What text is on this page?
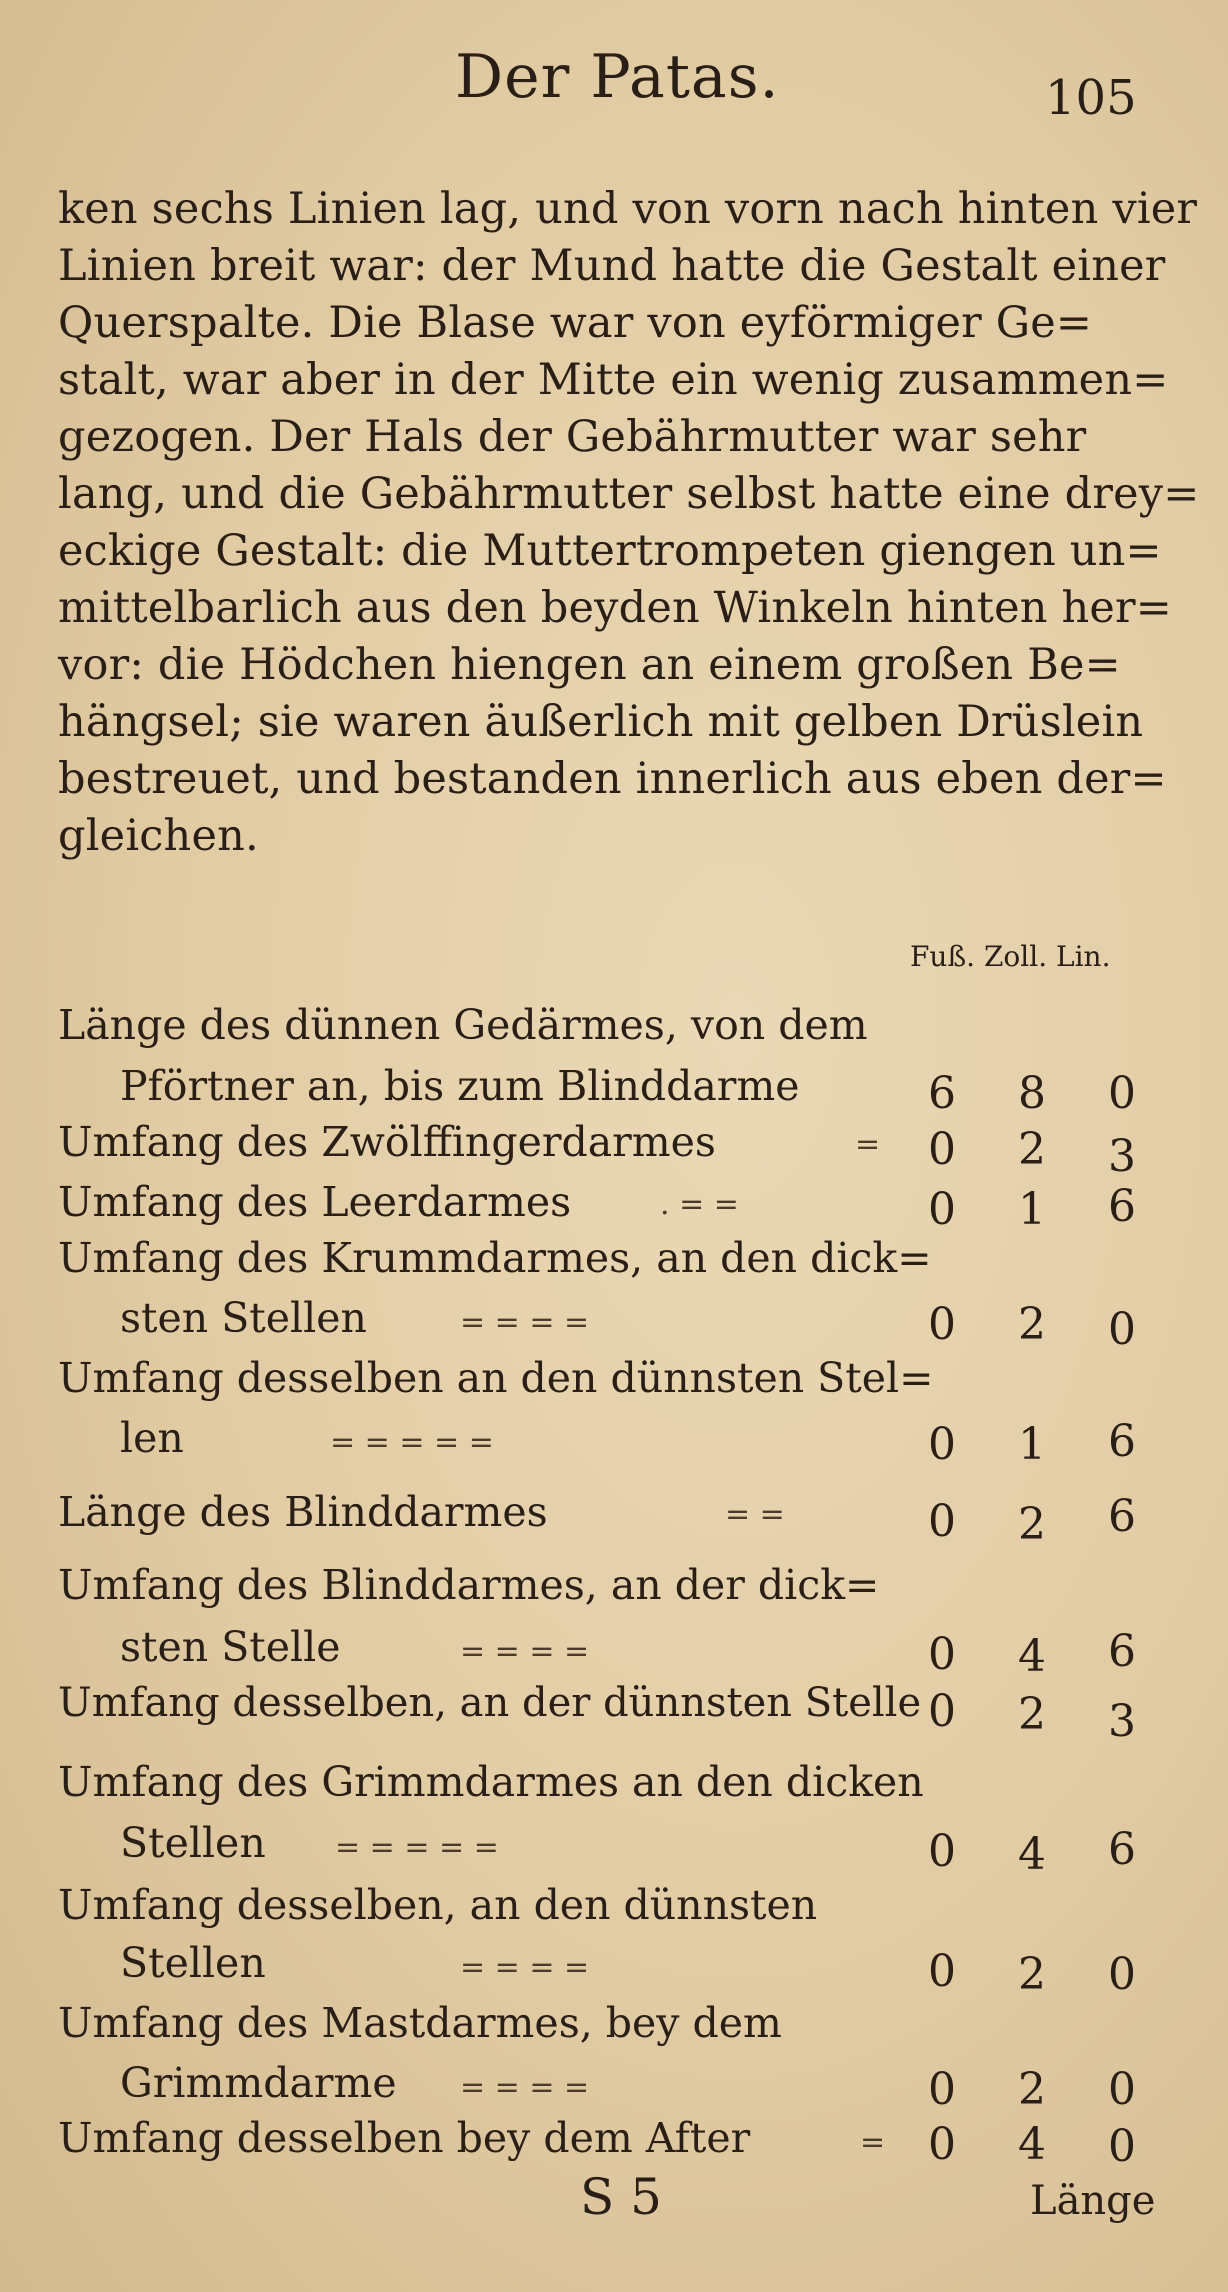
Der Patas.	105
ken sechs Linien lag, und von vorn nach hinten vier
Linien breit war: der Mund hatte die Gestalt einer
Querspalte. Die Blase war von eyförmiger Ge=
stalt, war aber in der Mitte ein wenig zusammen=
gezogen. Der Hals der Gebährmutter war sehr
lang, und die Gebährmutter selbst hatte eine drey=
eckige Gestalt: die Muttertrompeten giengen un=
mittelbarlich aus den beyden Winkeln hinten her=
vor: die Hödchen hiengen an einem großen Be=
hängsel; sie waren äußerlich mit gelben Drüslein
bestreuet, und bestanden innerlich aus eben der=
gleichen.
Fuß. Zoll. Lin.
Länge des dünnen Gedärmes, von dem
Pförtner an, bis zum Blinddarme	6 8 0
Umfang des Zwölffingerdarmes	= 0 2 3
Umfang des Leerdarmes	. = =	0 1 6
Umfang des Krummdarmes, an den dick=
sten Stellen	= = = =	0 2 0
Umfang desselben an den dünnsten Stel=
len	= = = = =	0 1 6
Länge des Blinddarmes	= =	0 2 6
Umfang des Blinddarmes, an der dick=
sten Stelle	= = = =	0 4 6
Umfang desselben, an der dünnsten Stelle 0 2 3
Umfang des Grimmdarmes an den dicken
Stellen = = = = =	0 4 6
Umfang desselben, an den dünnsten
Stellen	= = = =	0 2 0
Umfang des Mastdarmes, bey dem
Grimmdarme = = = =	0 2 0
Umfang desselben bey dem After	= 0 4 0
S 5	Länge
